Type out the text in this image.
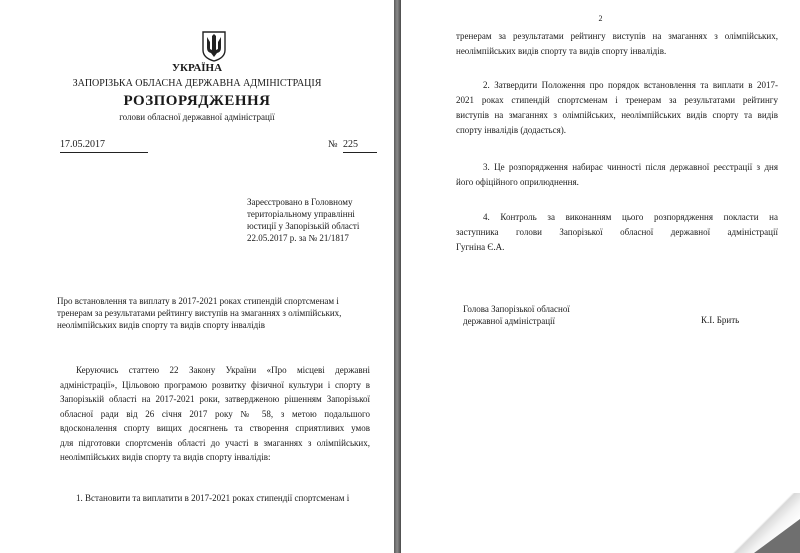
УКРАЇНА
ЗАПОРІЗЬКА ОБЛАСНА ДЕРЖАВНА АДМІНІСТРАЦІЯ
РОЗПОРЯДЖЕННЯ
голови обласної державної адміністрації
17.05.2017	№ 225
Зареєстровано в Головному
територіальному управлінні
юстиції у Запорізькій області
22.05.2017 р. за № 21/1817
Про встановлення та виплату в 2017-2021 роках стипендій спортсменам і
тренерам за результатами рейтингу виступів на змаганнях з олімпійських,
неолімпійських видів спорту та видів спорту інвалідів
Керуючись статтею 22 Закону України «Про місцеві державні
адміністрації», Цільовою програмою розвитку фізичної культури і спорту в
Запорізькій області на 2017-2021 роки, затвердженою рішенням Запорізької
обласної ради від 26 січня 2017 року № 58, з метою подальшого
вдосконалення спорту вищих досягнень та створення сприятливих умов
для підготовки спортсменів області до участі в змаганнях з олімпійських,
неолімпійських видів спорту та видів спорту інвалідів:
1. Встановити та виплатити в 2017-2021 роках стипендії спортсменам і
2
тренерам за результатами рейтингу виступів на змаганнях з олімпійських,
неолімпійських видів спорту та видів спорту інвалідів.
2. Затвердити Положення про порядок встановлення та виплати в 2017-
2021 роках стипендій спортсменам і тренерам за результатами рейтингу
виступів на змаганнях з олімпійських, неолімпійських видів спорту та видів
спорту інвалідів (додається).
3. Це розпорядження набирає чинності після державної реєстрації з дня
його офіційного оприлюднення.
4. Контроль за виконанням цього розпорядження покласти на
заступника голови Запорізької обласної державної адміністрації
Гугніна Є.А.
Голова Запорізької обласної
державної адміністрації	К.І. Брить
